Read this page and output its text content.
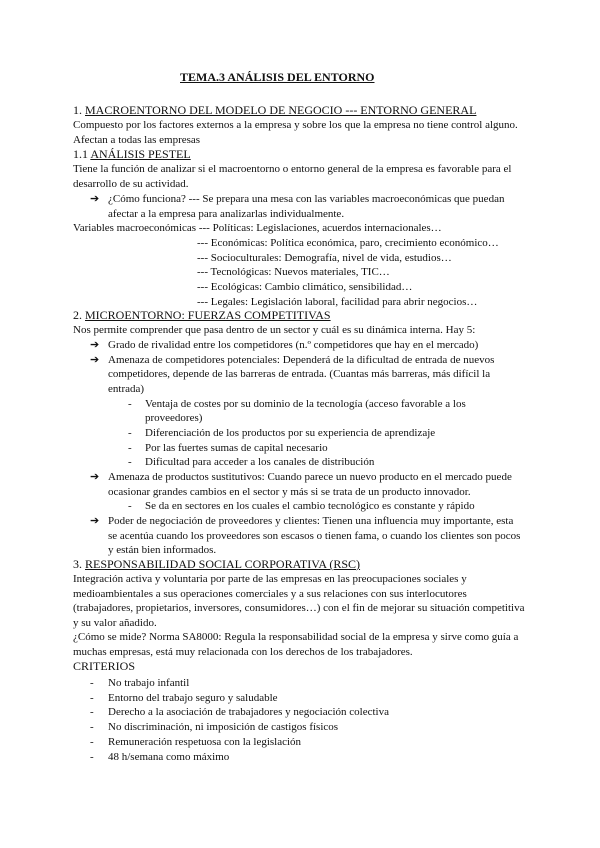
TEMA.3 ANÁLISIS DEL ENTORNO
1. MACROENTORNO DEL MODELO DE NEGOCIO --- ENTORNO GENERAL
Compuesto por los factores externos a la empresa y sobre los que la empresa no tiene control alguno.
Afectan a todas las empresas
1.1 ANÁLISIS PESTEL
Tiene la función de analizar si el macroentorno o entorno general de la empresa es favorable para el
desarrollo de su actividad.
➔ ¿Cómo funciona? --- Se prepara una mesa con las variables macroeconómicas que puedan
afectar a la empresa para analizarlas individualmente.
Variables macroeconómicas --- Políticas: Legislaciones, acuerdos internacionales…
--- Económicas: Política económica, paro, crecimiento económico…
--- Socioculturales: Demografía, nivel de vida, estudios…
--- Tecnológicas: Nuevos materiales, TIC…
--- Ecológicas: Cambio climático, sensibilidad…
--- Legales: Legislación laboral, facilidad para abrir negocios…
2. MICROENTORNO: FUERZAS COMPETITIVAS
Nos permite comprender que pasa dentro de un sector y cuál es su dinámica interna. Hay 5:
➔ Grado de rivalidad entre los competidores (n.º competidores que hay en el mercado)
➔ Amenaza de competidores potenciales: Dependerá de la dificultad de entrada de nuevos
competidores, depende de las barreras de entrada. (Cuantas más barreras, más difícil la
entrada)
- Ventaja de costes por su dominio de la tecnología (acceso favorable a los
proveedores)
- Diferenciación de los productos por su experiencia de aprendizaje
- Por las fuertes sumas de capital necesario
- Dificultad para acceder a los canales de distribución
➔ Amenaza de productos sustitutivos: Cuando parece un nuevo producto en el mercado puede
ocasionar grandes cambios en el sector y más si se trata de un producto innovador.
- Se da en sectores en los cuales el cambio tecnológico es constante y rápido
➔ Poder de negociación de proveedores y clientes: Tienen una influencia muy importante, esta
se acentúa cuando los proveedores son escasos o tienen fama, o cuando los clientes son pocos
y están bien informados.
3. RESPONSABILIDAD SOCIAL CORPORATIVA (RSC)
Integración activa y voluntaria por parte de las empresas en las preocupaciones sociales y
medioambientales a sus operaciones comerciales y a sus relaciones con sus interlocutores
(trabajadores, propietarios, inversores, consumidores…) con el fin de mejorar su situación competitiva
y su valor añadido.
¿Cómo se mide? Norma SA8000: Regula la responsabilidad social de la empresa y sirve como guía a
muchas empresas, está muy relacionada con los derechos de los trabajadores.
CRITERIOS
- No trabajo infantil
- Entorno del trabajo seguro y saludable
- Derecho a la asociación de trabajadores y negociación colectiva
- No discriminación, ni imposición de castigos físicos
- Remuneración respetuosa con la legislación
- 48 h/semana como máximo
